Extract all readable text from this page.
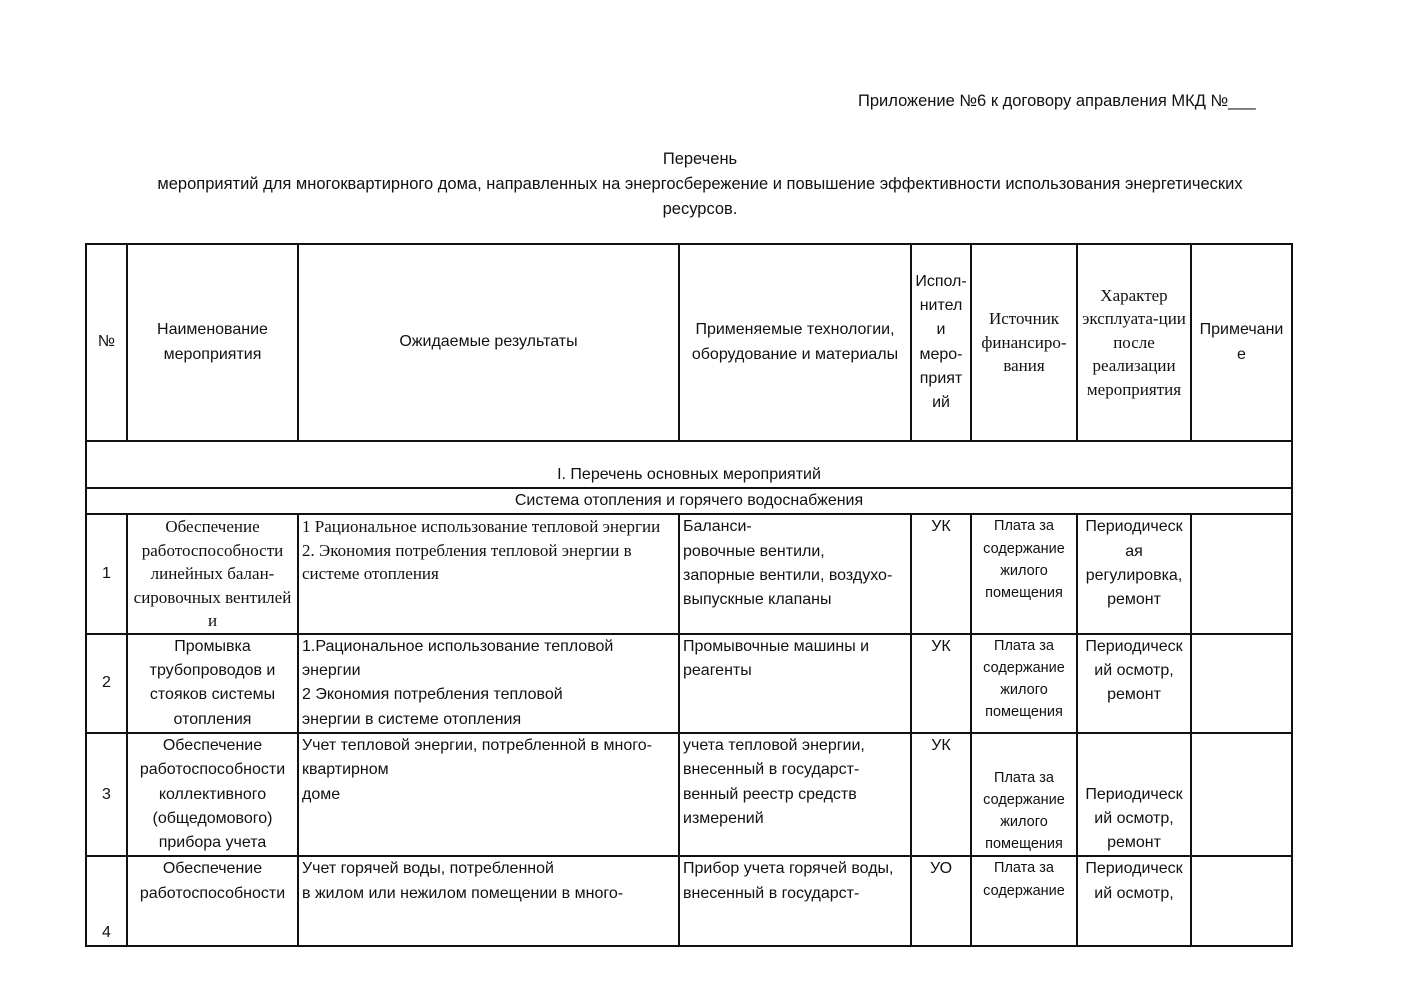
Приложение №6 к договору аправления МКД №___
Перечень
мероприятий для многоквартирного дома, направленных на энергосбережение и повышение эффективности использования энергетических
ресурсов.
№	Наименование мероприятия	Ожидаемые результаты	Применяемые технологии, оборудование и материалы	Испол-нител и меро-прият ий	Источник финансиро-вания	Характер эксплуата-ции после реализации мероприятия	Примечани е
I. Перечень основных мероприятий							
Система отопления и горячего водоснабжения							
1	Обеспечение работоспособности линейных балан-сировочных вентилей и	1 Рациональное использование тепловой энергии
2. Экономия потребления тепловой энергии в системе отопления	Баланси-
ровочные вентили,
запорные вентили, воздухо-
выпускные клапаны	УК	Плата за содержание жилого помещения	Периодическ ая регулировка, ремонт	
2	Промывка трубопроводов и стояков системы отопления	1.Рациональное использование тепловой
энергии
2 Экономия потребления тепловой
энергии в системе отопления	Промывочные машины и
реагенты	УК	Плата за содержание жилого помещения	Периодическ ий осмотр, ремонт	
3	Обеспечение работоспособности коллективного (общедомового) прибора учета	Учет тепловой энергии, потребленной в много-
квартирном
доме	учета тепловой энергии,
внесенный в государст-
венный реестр средств
измерений	УК	Плата за содержание жилого помещения	Периодическ ий осмотр, ремонт	
4	Обеспечение работоспособности	Учет горячей воды, потребленной
в жилом или нежилом помещении в много-	Прибор учета горячей воды,
внесенный в государст-	УО	Плата за содержание	Периодическ ий осмотр,	
